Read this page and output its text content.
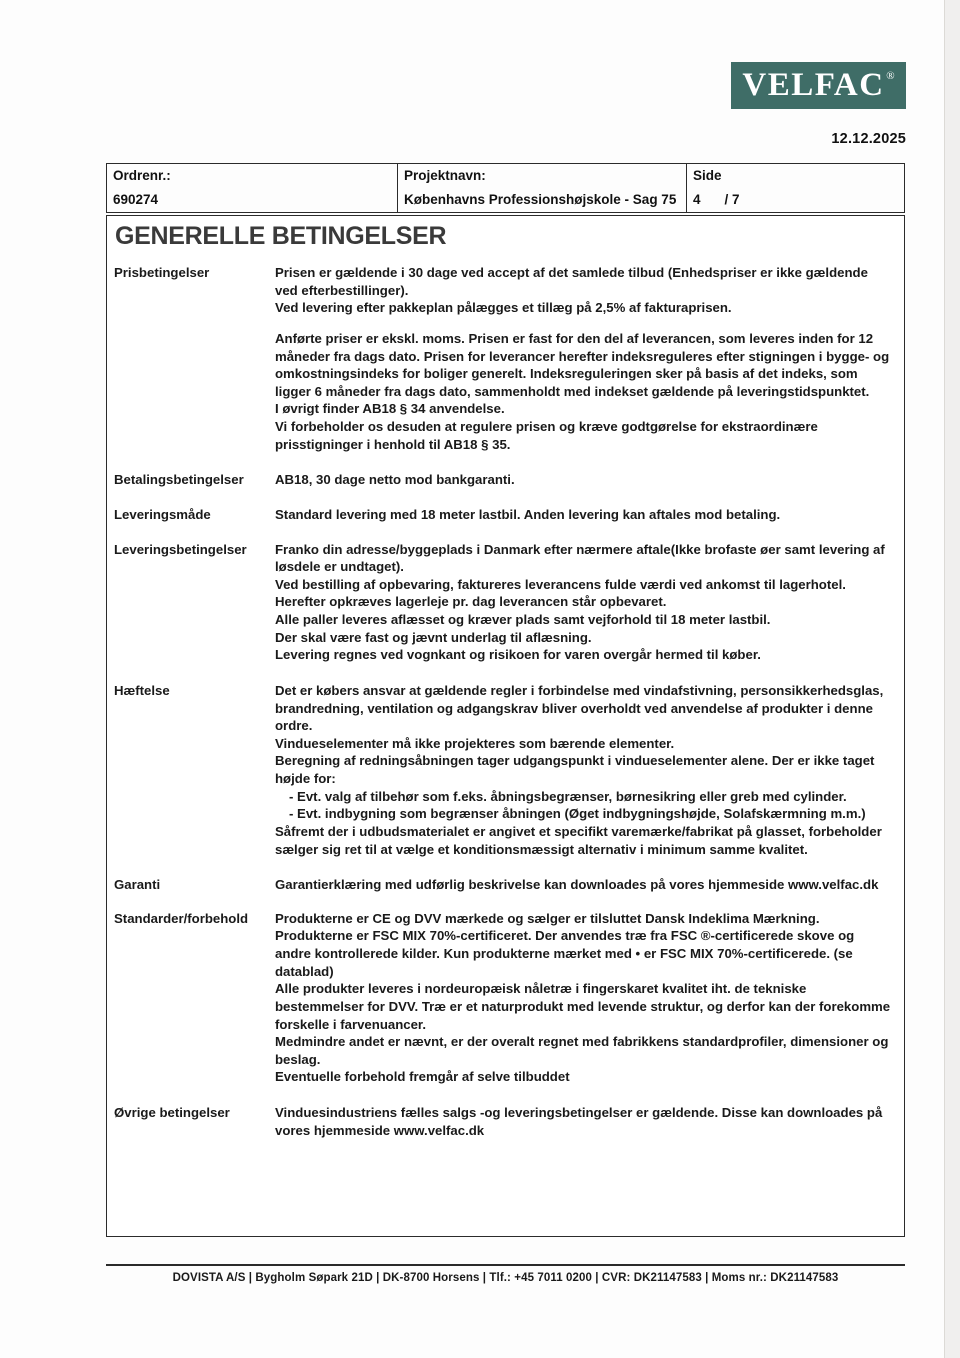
VELFAC ®
12.12.2025
Ordrenr.:
690274
Projektnavn:
Københavns Professionshøjskole - Sag 75
Side
4 / 7
GENERELLE BETINGELSER
Prisbetingelser	Prisen er gældende i 30 dage ved accept af det samlede tilbud (Enhedspriser er ikke gældende ved efterbestillinger).

Ved levering efter pakkeplan pålægges et tillæg på 2,5% af fakturaprisen.

Anførte priser er ekskl. moms. Prisen er fast for den del af leverancen, som leveres inden for 12 måneder fra dags dato. Prisen for leverancer herefter indeksreguleres efter stigningen i bygge- og omkostningsindeks for boliger generelt. Indeksreguleringen sker på basis af det indeks, som ligger 6 måneder fra dags dato, sammenholdt med indekset gældende på leveringstidspunktet.

I øvrigt finder AB18 § 34 anvendelse.

Vi forbeholder os desuden at regulere prisen og kræve godtgørelse for ekstraordinære prisstigninger i henhold til AB18 § 35.

Betalingsbetingelser	AB18, 30 dage netto mod bankgaranti.

Leveringsmåde	Standard levering med 18 meter lastbil. Anden levering kan aftales mod betaling.

Leveringsbetingelser	Franko din adresse/byggeplads i Danmark efter nærmere aftale(Ikke brofaste øer samt levering af løsdele er undtaget).

Ved bestilling af opbevaring, faktureres leverancens fulde værdi ved ankomst til lagerhotel.

Herefter opkræves lagerleje pr. dag leverancen står opbevaret.

Alle paller leveres aflæsset og kræver plads samt vejforhold til 18 meter lastbil.

Der skal være fast og jævnt underlag til aflæsning.

Levering regnes ved vognkant og risikoen for varen overgår hermed til køber.

Hæftelse	Det er købers ansvar at gældende regler i forbindelse med vindafstivning, personsikkerhedsglas, brandredning, ventilation og adgangskrav bliver overholdt ved anvendelse af produkter i denne ordre.

Vindueselementer må ikke projekteres som bærende elementer.

Beregning af redningsåbningen tager udgangspunkt i vindueselementer alene. Der er ikke taget højde for:

- Evt. valg af tilbehør som f.eks. åbningsbegrænser, børnesikring eller greb med cylinder.
- Evt. indbygning som begrænser åbningen (Øget indbygningshøjde, Solafskærmning m.m.)

Såfremt der i udbudsmaterialet er angivet et specifikt varemærke/fabrikat på glasset, forbeholder sælger sig ret til at vælge et konditionsmæssigt alternativ i minimum samme kvalitet.

Garanti	Garantierklæring med udførlig beskrivelse kan downloades på vores hjemmeside www.velfac.dk

Standarder/forbehold	Produkterne er CE og DVV mærkede og sælger er tilsluttet Dansk Indeklima Mærkning.

Produkterne er FSC MIX 70%-certificeret. Der anvendes træ fra FSC ®-certificerede skove og andre kontrollerede kilder. Kun produkterne mærket med • er FSC MIX 70%-certificerede. (se datablad)

Alle produkter leveres i nordeuropæisk nåletræ i fingerskaret kvalitet iht. de tekniske bestemmelser for DVV. Træ er et naturprodukt med levende struktur, og derfor kan der forekomme forskelle i farvenuancer.

Medmindre andet er nævnt, er der overalt regnet med fabrikkens standardprofiler, dimensioner og beslag.

Eventuelle forbehold fremgår af selve tilbuddet

Øvrige betingelser	Vinduesindustriens fælles salgs -og leveringsbetingelser er gældende. Disse kan downloades på vores hjemmeside www.velfac.dk

DOVISTA A/S | Bygholm Søpark 21D | DK-8700 Horsens | Tlf.: +45 7011 0200 | CVR: DK21147583 | Moms nr.: DK21147583
